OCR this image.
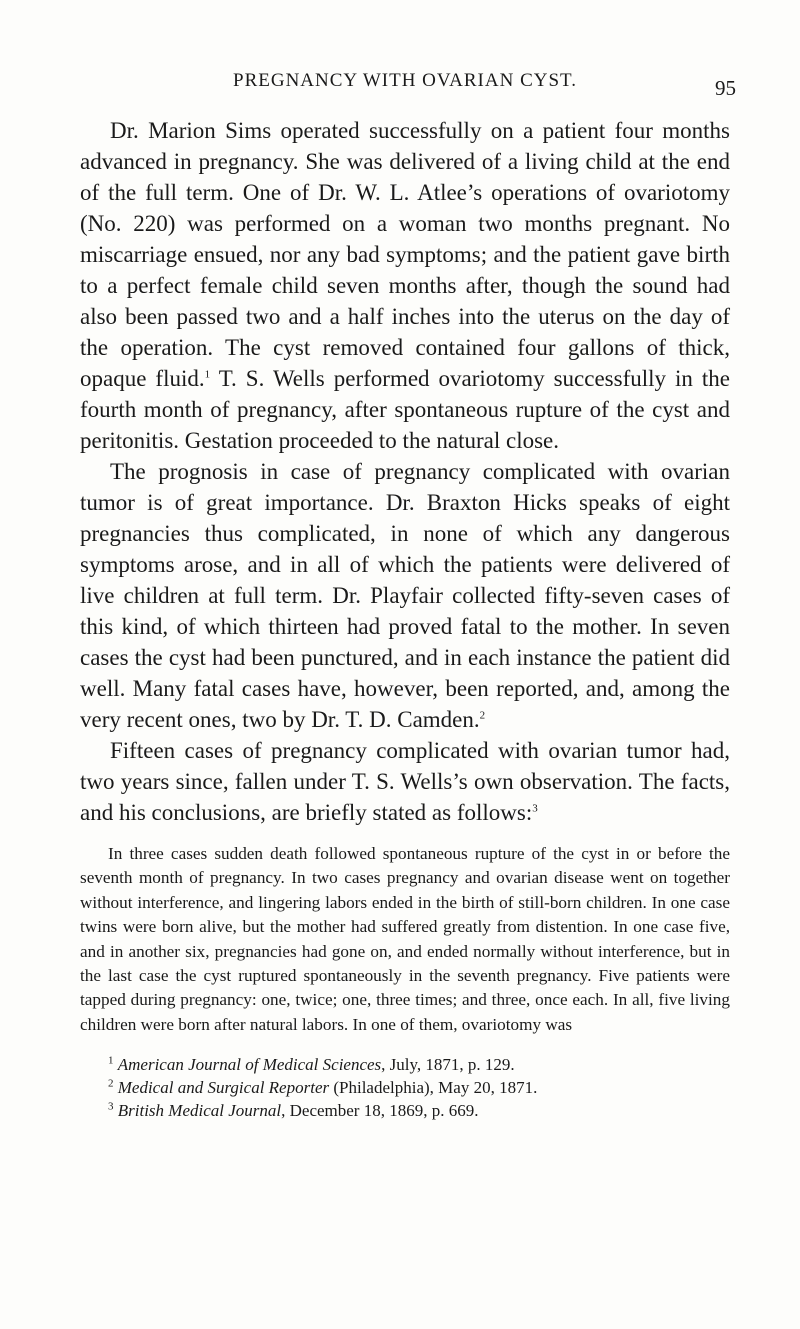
PREGNANCY WITH OVARIAN CYST.	95

Dr. Marion Sims operated successfully on a patient four months advanced in pregnancy. She was delivered of a living child at the end of the full term. One of Dr. W. L. Atlee’s operations of ovariotomy (No. 220) was performed on a woman two months pregnant. No miscarriage ensued, nor any bad symptoms; and the patient gave birth to a perfect female child seven months after, though the sound had also been passed two and a half inches into the uterus on the day of the operation. The cyst removed contained four gallons of thick, opaque fluid.$^1$ T. S. Wells performed ovariotomy successfully in the fourth month of pregnancy, after spontaneous rupture of the cyst and peritonitis. Gestation proceeded to the natural close.

The prognosis in case of pregnancy complicated with ovarian tumor is of great importance. Dr. Braxton Hicks speaks of eight pregnancies thus complicated, in none of which any dangerous symptoms arose, and in all of which the patients were delivered of live children at full term. Dr. Playfair collected fifty-seven cases of this kind, of which thirteen had proved fatal to the mother. In seven cases the cyst had been punctured, and in each instance the patient did well. Many fatal cases have, however, been reported, and, among the very recent ones, two by Dr. T. D. Camden.$^2$

Fifteen cases of pregnancy complicated with ovarian tumor had, two years since, fallen under T. S. Wells’s own observation. The facts, and his conclusions, are briefly stated as follows:$^3$

In three cases sudden death followed spontaneous rupture of the cyst in or before the seventh month of pregnancy. In two cases pregnancy and ovarian disease went on together without interference, and lingering labors ended in the birth of still-born children. In one case twins were born alive, but the mother had suffered greatly from distention. In one case five, and in another six, pregnancies had gone on, and ended normally without interference, but in the last case the cyst ruptured spontaneously in the seventh pregnancy. Five patients were tapped during pregnancy: one, twice; one, three times; and three, once each. In all, five living children were born after natural labors. In one of them, ovariotomy was

$^1$ American Journal of Medical Sciences, July, 1871, p. 129.

$^2$ Medical and Surgical Reporter (Philadelphia), May 20, 1871.

$^3$ British Medical Journal, December 18, 1869, p. 669.
